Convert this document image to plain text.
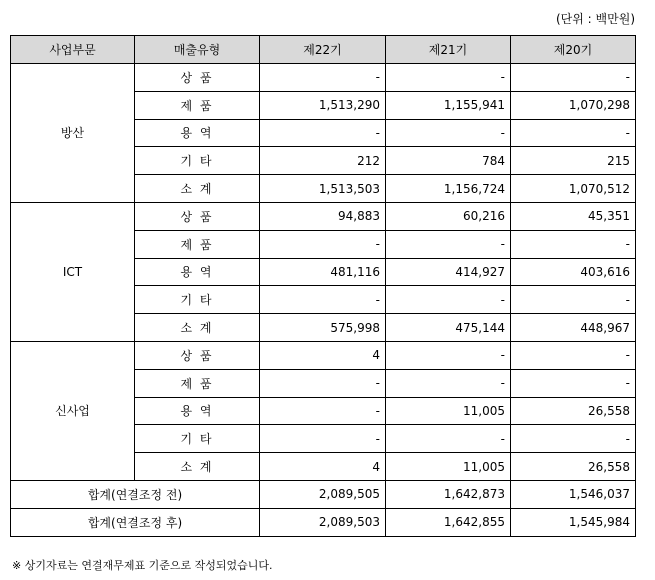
(단위 : 백만원)
사업부문	매출유형	제22기	제21기	제20기
방산	상 품	-	-	-
	제 품	1,513,290	1,155,941	1,070,298
	용 역	-	-	-
	기 타	212	784	215
	소 계	1,513,503	1,156,724	1,070,512
ICT	상 품	94,883	60,216	45,351
	제 품	-	-	-
	용 역	481,116	414,927	403,616
	기 타	-	-	-
	소 계	575,998	475,144	448,967
신사업	상 품	4	-	-
	제 품	-	-	-
	용 역	-	11,005	26,558
	기 타	-	-	-
	소 계	4	11,005	26,558
합계(연결조정 전)		2,089,505	1,642,873	1,546,037
합계(연결조정 후)		2,089,503	1,642,855	1,545,984
※ 상기자료는 연결재무제표 기준으로 작성되었습니다.
